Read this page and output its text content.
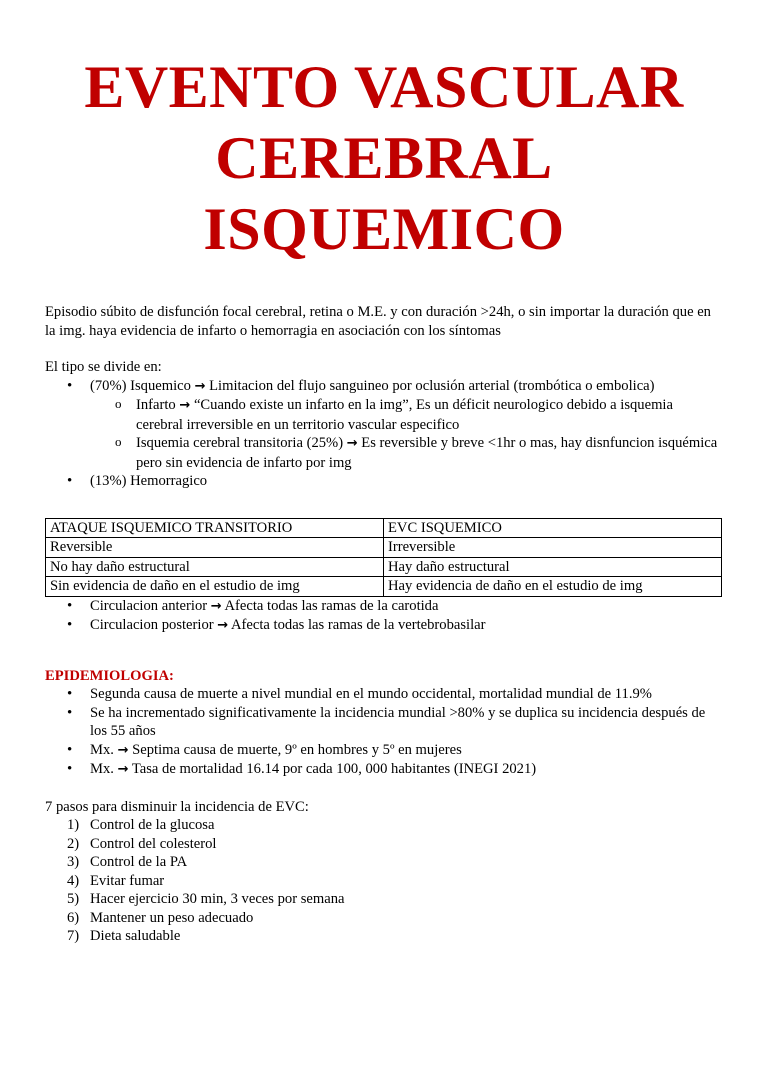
EVENTO VASCULAR
CEREBRAL
ISQUEMICO

Episodio súbito de disfunción focal cerebral, retina o M.E. y con duración >24h, o sin importar la duración que en la img. haya evidencia de infarto o hemorragia en asociación con los síntomas

El tipo se divide en:
• (70%) Isquemico → Limitacion del flujo sanguineo por oclusión arterial (trombótica o embolica)
o Infarto → “Cuando existe un infarto en la img”, Es un déficit neurologico debido a isquemia cerebral irreversible en un territorio vascular especifico
o Isquemia cerebral transitoria (25%) → Es reversible y breve <1hr o mas, hay disnfuncion isquémica pero sin evidencia de infarto por img
• (13%) Hemorragico
ATAQUE ISQUEMICO TRANSITORIO	EVC ISQUEMICO
Reversible	Irreversible
No hay daño estructural	Hay daño estructural
Sin evidencia de daño en el estudio de img	Hay evidencia de daño en el estudio de img
• Circulacion anterior → Afecta todas las ramas de la carotida
• Circulacion posterior → Afecta todas las ramas de la vertebrobasilar
EPIDEMIOLOGIA:
• Segunda causa de muerte a nivel mundial en el mundo occidental, mortalidad mundial de 11.9%
• Se ha incrementado significativamente la incidencia mundial >80% y se duplica su incidencia después de los 55 años
• Mx. → Septima causa de muerte, 9º en hombres y 5º en mujeres
• Mx. → Tasa de mortalidad 16.14 por cada 100, 000 habitantes (INEGI 2021)
7 pasos para disminuir la incidencia de EVC:
1) Control de la glucosa
2) Control del colesterol
3) Control de la PA
4) Evitar fumar
5) Hacer ejercicio 30 min, 3 veces por semana
6) Mantener un peso adecuado
7) Dieta saludable
